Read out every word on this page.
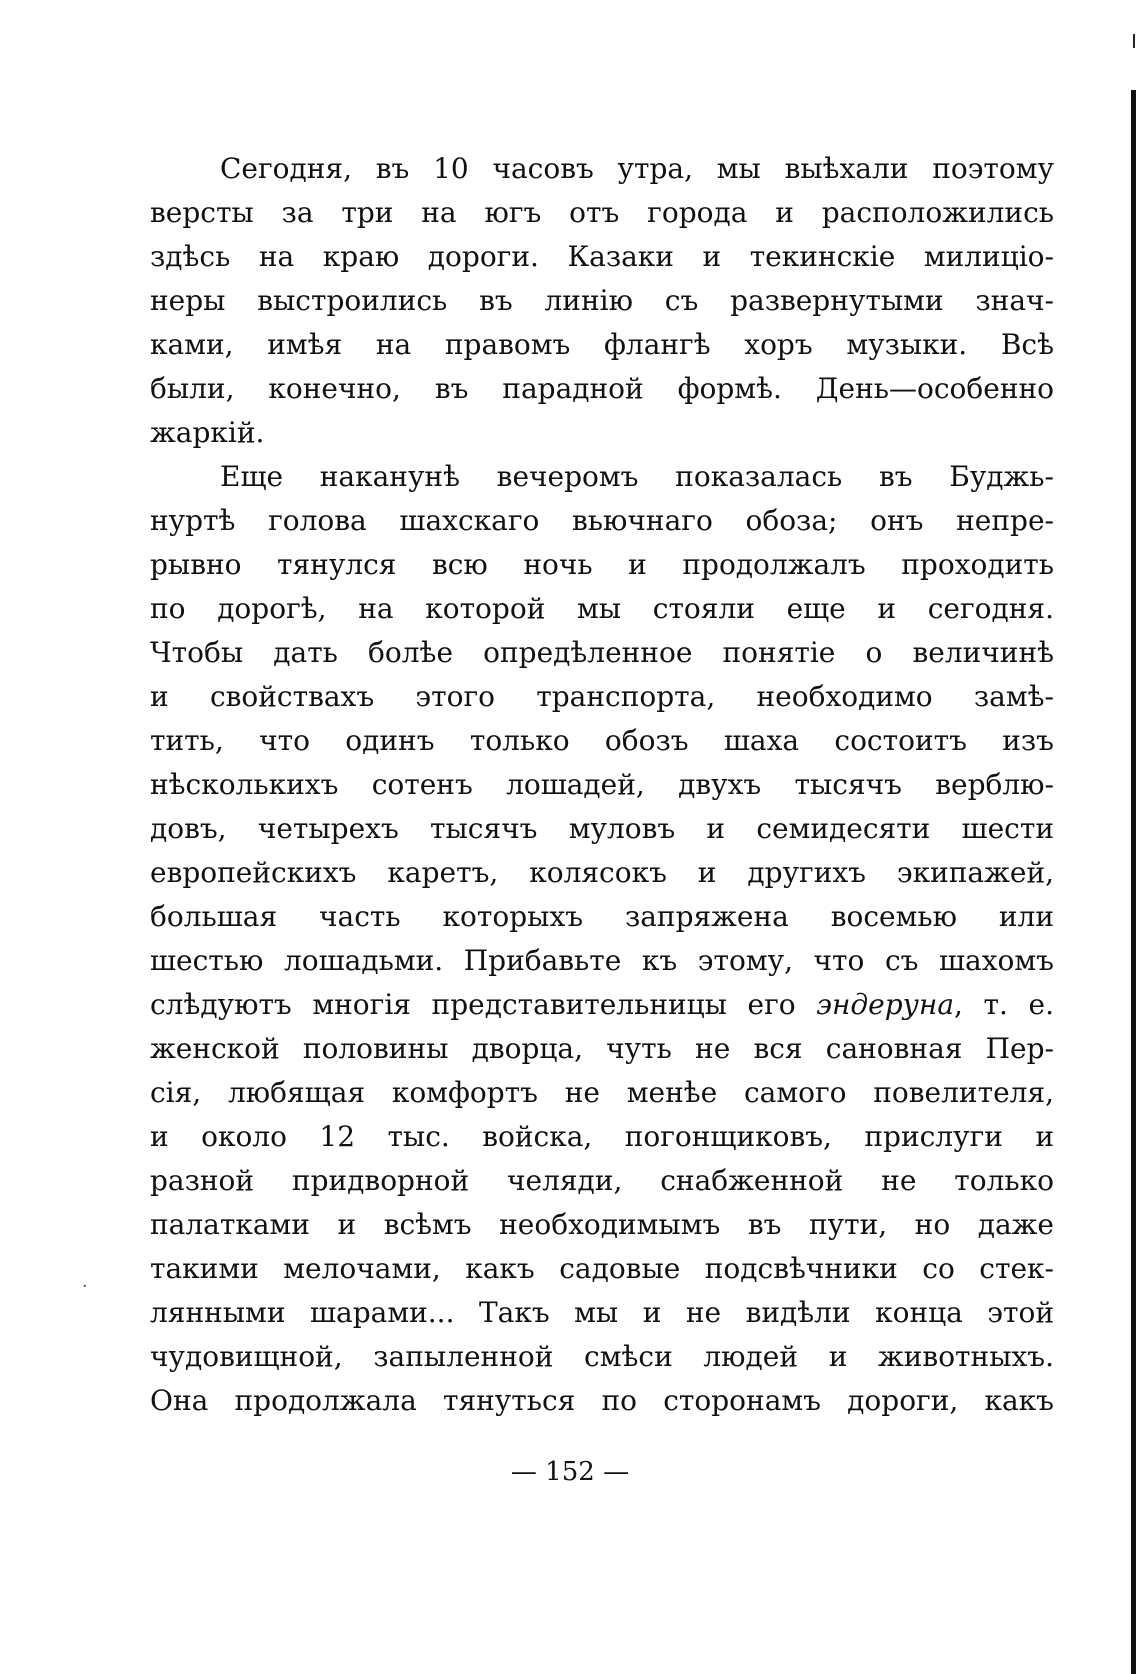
·
Сегодня, въ 10 часовъ утра, мы выѣхали поэтому
версты за три на югъ отъ города и расположились
здѣсь на краю дороги. Казаки и текинскіе милиціо-
неры выстроились въ линію съ развернутыми знач-
ками, имѣя на правомъ флангѣ хоръ музыки. Всѣ
были, конечно, въ парадной формѣ. День—особенно
жаркій.
Еще наканунѣ вечеромъ показалась въ Буджь-
нуртѣ голова шахскаго вьючнаго обоза; онъ непре-
рывно тянулся всю ночь и продолжалъ проходить
по дорогѣ, на которой мы стояли еще и сегодня.
Чтобы дать болѣе опредѣленное понятіе о величинѣ
и свойствахъ этого транспорта, необходимо замѣ-
тить, что одинъ только обозъ шаха состоитъ изъ
нѣсколькихъ сотенъ лошадей, двухъ тысячъ верблю-
довъ, четырехъ тысячъ муловъ и семидесяти шести
европейскихъ каретъ, колясокъ и другихъ экипажей,
большая часть которыхъ запряжена восемью или
шестью лошадьми. Прибавьте къ этому, что съ шахомъ
слѣдуютъ многія представительницы его эндеруна, т. е.
женской половины дворца, чуть не вся сановная Пер-
сія, любящая комфортъ не менѣе самого повелителя,
и около 12 тыс. войска, погонщиковъ, прислуги и
разной придворной челяди, снабженной не только
палатками и всѣмъ необходимымъ въ пути, но даже
такими мелочами, какъ садовые подсвѣчники со стек-
лянными шарами... Такъ мы и не видѣли конца этой
чудовищной, запыленной смѣси людей и животныхъ.
Она продолжала тянуться по сторонамъ дороги, какъ
— 152 —
